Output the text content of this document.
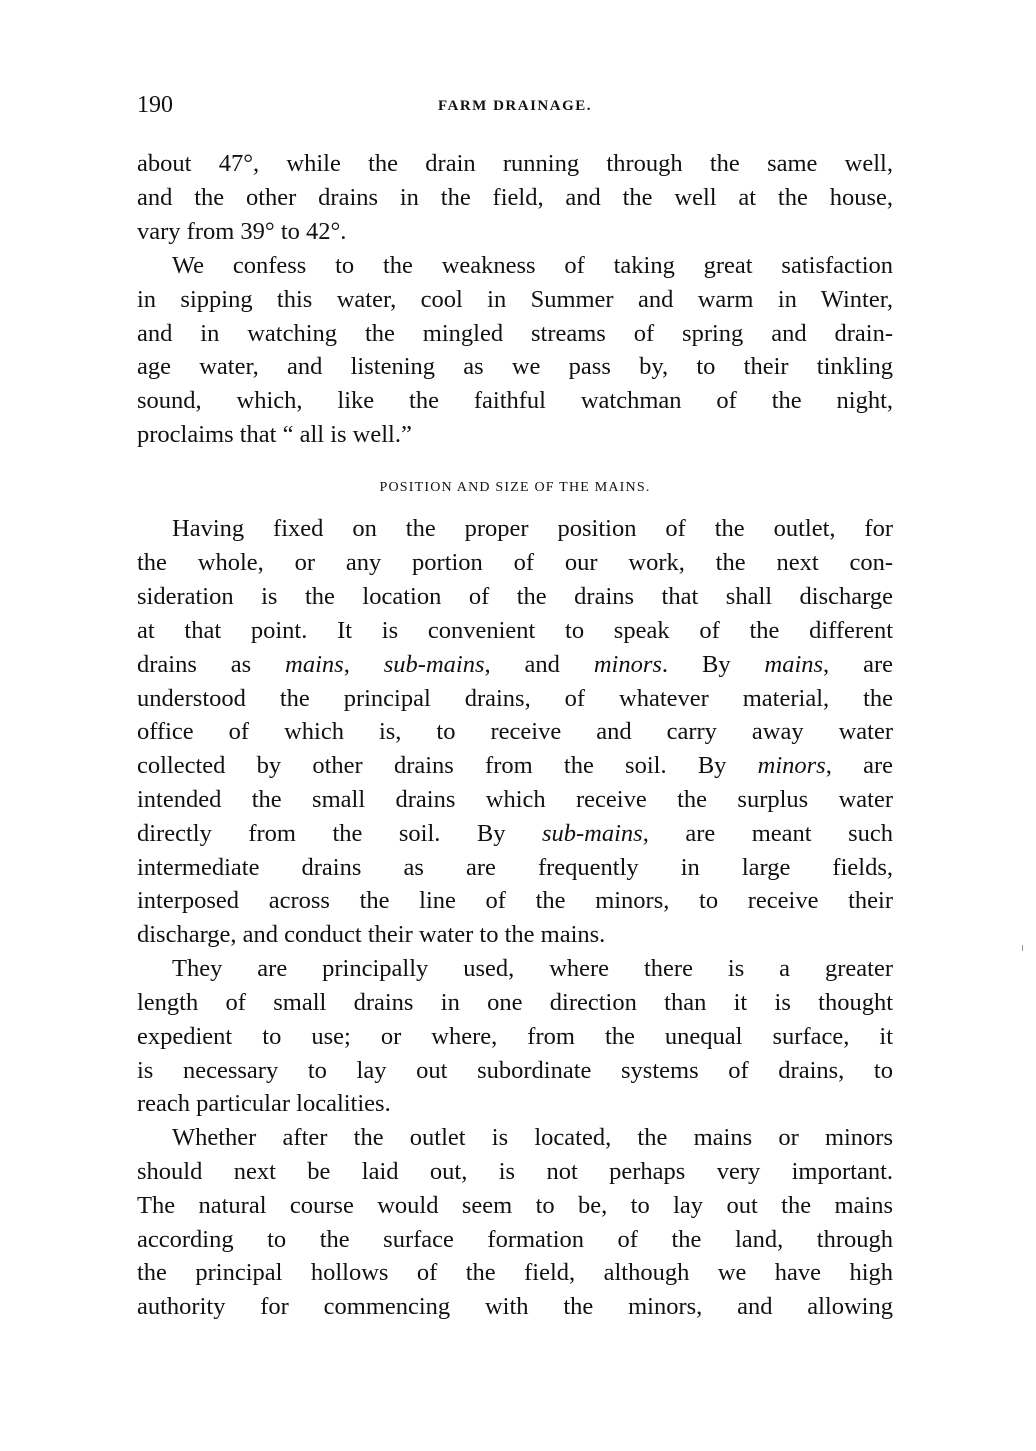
190	FARM DRAINAGE.
about 47°, while the drain running through the same well,
and the other drains in the field, and the well at the house,
vary from 39° to 42°.
We confess to the weakness of taking great satisfaction
in sipping this water, cool in Summer and warm in Winter,
and in watching the mingled streams of spring and drain-
age water, and listening as we pass by, to their tinkling
sound, which, like the faithful watchman of the night,
proclaims that “ all is well.”
POSITION AND SIZE OF THE MAINS.
Having fixed on the proper position of the outlet, for
the whole, or any portion of our work, the next con-
sideration is the location of the drains that shall discharge
at that point. It is convenient to speak of the different
drains as mains, sub-mains, and minors. By mains, are
understood the principal drains, of whatever material, the
office of which is, to receive and carry away water
collected by other drains from the soil. By minors, are
intended the small drains which receive the surplus water
directly from the soil. By sub-mains, are meant such
intermediate drains as are frequently in large fields,
interposed across the line of the minors, to receive their
discharge, and conduct their water to the mains.
They are principally used, where there is a greater
length of small drains in one direction than it is thought
expedient to use; or where, from the unequal surface, it
is necessary to lay out subordinate systems of drains, to
reach particular localities.
Whether after the outlet is located, the mains or minors
should next be laid out, is not perhaps very important.
The natural course would seem to be, to lay out the mains
according to the surface formation of the land, through
the principal hollows of the field, although we have high
authority for commencing with the minors, and allowing
